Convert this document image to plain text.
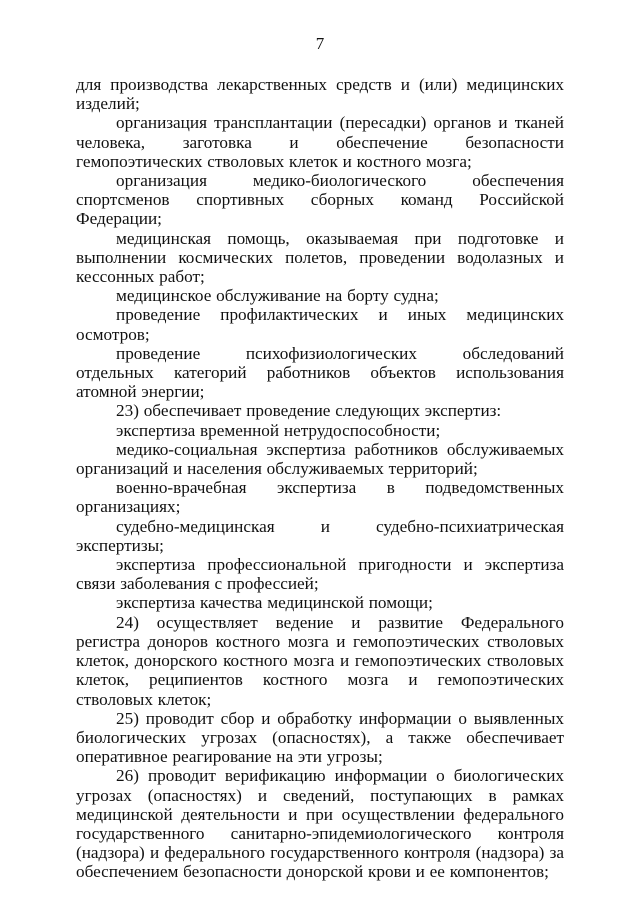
7

для производства лекарственных средств и (или) медицинских изделий;

организация трансплантации (пересадки) органов и тканей человека, заготовка и обеспечение безопасности гемопоэтических стволовых клеток и костного мозга;

организация медико-биологического обеспечения спортсменов спортивных сборных команд Российской Федерации;

медицинская помощь, оказываемая при подготовке и выполнении космических полетов, проведении водолазных и кессонных работ;

медицинское обслуживание на борту судна;

проведение профилактических и иных медицинских осмотров;

проведение психофизиологических обследований отдельных категорий работников объектов использования атомной энергии;

23) обеспечивает проведение следующих экспертиз:

экспертиза временной нетрудоспособности;

медико-социальная экспертиза работников обслуживаемых организаций и населения обслуживаемых территорий;

военно-врачебная экспертиза в подведомственных организациях;

судебно-медицинская и судебно-психиатрическая экспертизы;

экспертиза профессиональной пригодности и экспертиза связи заболевания с профессией;

экспертиза качества медицинской помощи;

24) осуществляет ведение и развитие Федерального регистра доноров костного мозга и гемопоэтических стволовых клеток, донорского костного мозга и гемопоэтических стволовых клеток, реципиентов костного мозга и гемопоэтических стволовых клеток;

25) проводит сбор и обработку информации о выявленных биологических угрозах (опасностях), а также обеспечивает оперативное реагирование на эти угрозы;

26) проводит верификацию информации о биологических угрозах (опасностях) и сведений, поступающих в рамках медицинской деятельности и при осуществлении федерального государственного санитарно-эпидемиологического контроля (надзора) и федерального государственного контроля (надзора) за обеспечением безопасности донорской крови и ее компонентов;
